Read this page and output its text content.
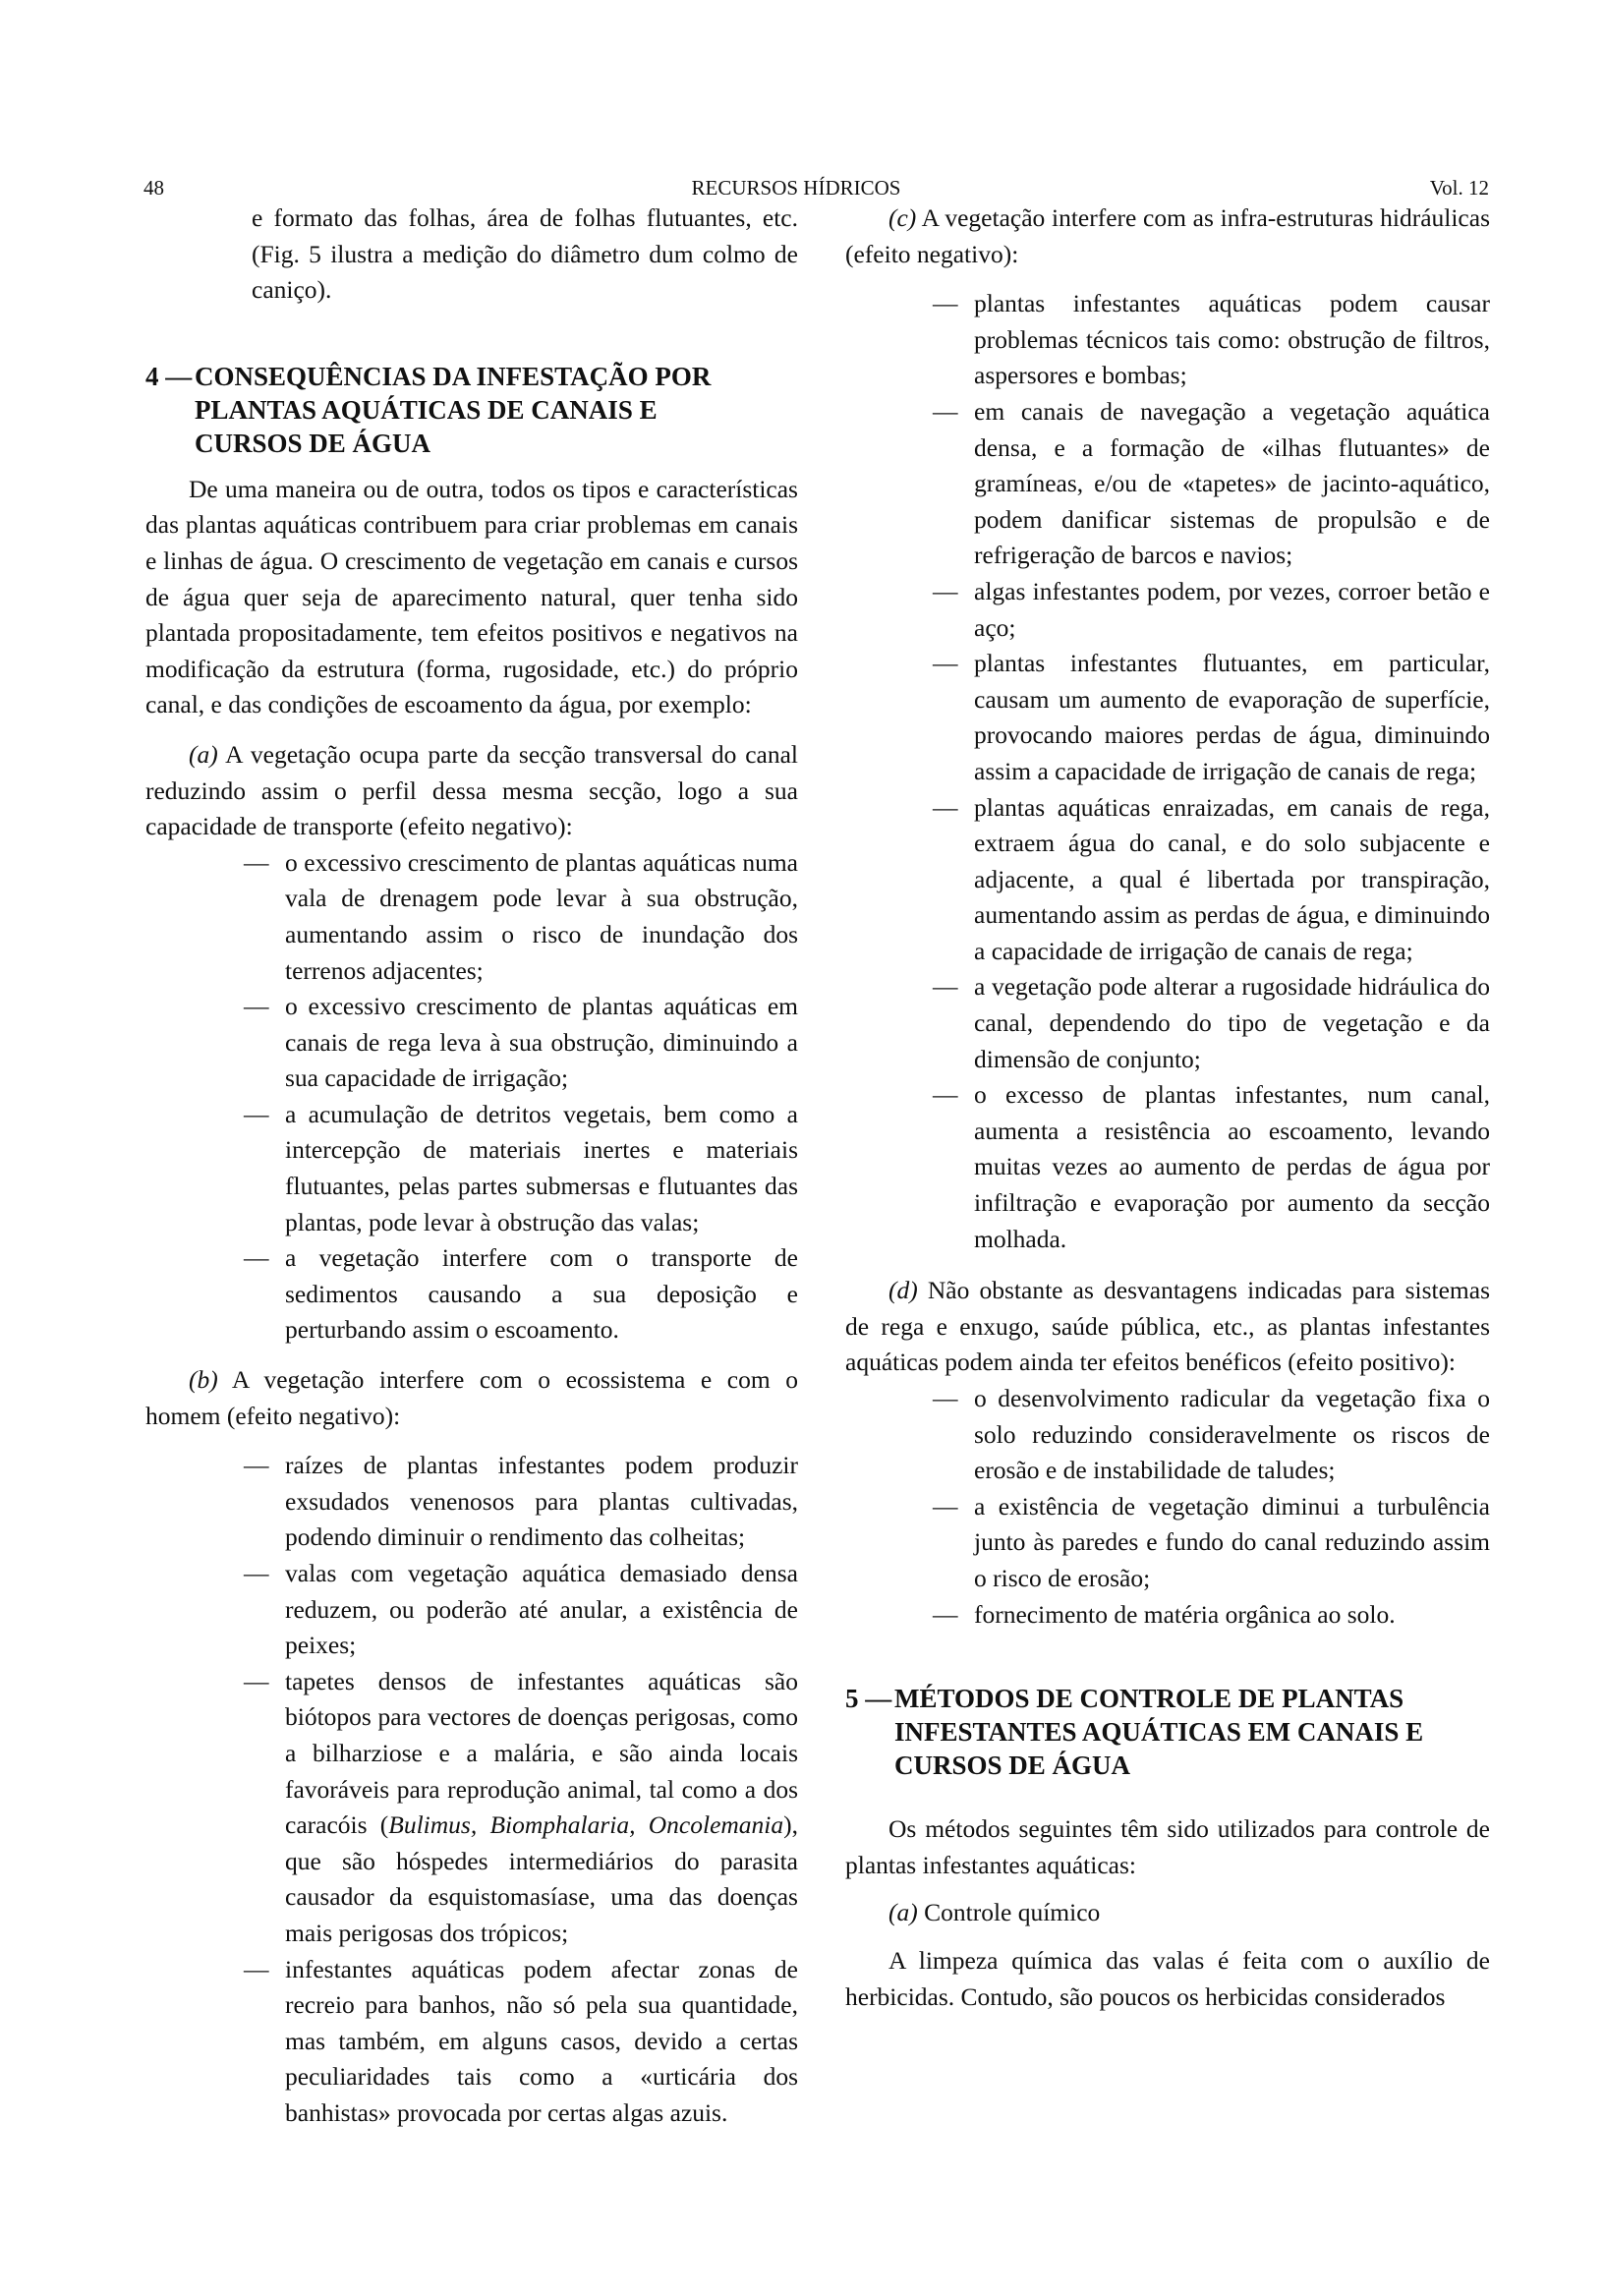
48	RECURSOS HÍDRICOS	Vol. 12

e formato das folhas, área de folhas flutuantes, etc. (Fig. 5 ilustra a medição do diâmetro dum colmo de caniço).

4 — CONSEQUÊNCIAS DA INFESTAÇÃO POR PLANTAS AQUÁTICAS DE CANAIS E CURSOS DE ÁGUA

De uma maneira ou de outra, todos os tipos e características das plantas aquáticas contribuem para criar problemas em canais e linhas de água. O crescimento de vegetação em canais e cursos de água quer seja de aparecimento natural, quer tenha sido plantada propositadamente, tem efeitos positivos e negativos na modificação da estrutura (forma, rugosidade, etc.) do próprio canal, e das condições de escoamento da água, por exemplo:

(a) A vegetação ocupa parte da secção transversal do canal reduzindo assim o perfil dessa mesma secção, logo a sua capacidade de transporte (efeito negativo):

— o excessivo crescimento de plantas aquáticas numa vala de drenagem pode levar à sua obstrução, aumentando assim o risco de inundação dos terrenos adjacentes;
— o excessivo crescimento de plantas aquáticas em canais de rega leva à sua obstrução, diminuindo a sua capacidade de irrigação;
— a acumulação de detritos vegetais, bem como a intercepção de materiais inertes e materiais flutuantes, pelas partes submersas e flutuantes das plantas, pode levar à obstrução das valas;
— a vegetação interfere com o transporte de sedimentos causando a sua deposição e perturbando assim o escoamento.

(b) A vegetação interfere com o ecossistema e com o homem (efeito negativo):

— raízes de plantas infestantes podem produzir exsudados venenosos para plantas cultivadas, podendo diminuir o rendimento das colheitas;
— valas com vegetação aquática demasiado densa reduzem, ou poderão até anular, a existência de peixes;
— tapetes densos de infestantes aquáticas são biótopos para vectores de doenças perigosas, como a bilharziose e a malária, e são ainda locais favoráveis para reprodução animal, tal como a dos caracóis (Bulimus, Biomphalaria, Oncolemania), que são hóspedes intermediários do parasita causador da esquistomasíase, uma das doenças mais perigosas dos trópicos;
— infestantes aquáticas podem afectar zonas de recreio para banhos, não só pela sua quantidade, mas também, em alguns casos, devido a certas peculiaridades tais como a «urticária dos banhistas» provocada por certas algas azuis.

(c) A vegetação interfere com as infra-estruturas hidráulicas (efeito negativo):

— plantas infestantes aquáticas podem causar problemas técnicos tais como: obstrução de filtros, aspersores e bombas;
— em canais de navegação a vegetação aquática densa, e a formação de «ilhas flutuantes» de gramíneas, e/ou de «tapetes» de jacinto-aquático, podem danificar sistemas de propulsão e de refrigeração de barcos e navios;
— algas infestantes podem, por vezes, corroer betão e aço;
— plantas infestantes flutuantes, em particular, causam um aumento de evaporação de superfície, provocando maiores perdas de água, diminuindo assim a capacidade de irrigação de canais de rega;
— plantas aquáticas enraizadas, em canais de rega, extraem água do canal, e do solo subjacente e adjacente, a qual é libertada por transpiração, aumentando assim as perdas de água, e diminuindo a capacidade de irrigação de canais de rega;
— a vegetação pode alterar a rugosidade hidráulica do canal, dependendo do tipo de vegetação e da dimensão de conjunto;
— o excesso de plantas infestantes, num canal, aumenta a resistência ao escoamento, levando muitas vezes ao aumento de perdas de água por infiltração e evaporação por aumento da secção molhada.

(d) Não obstante as desvantagens indicadas para sistemas de rega e enxugo, saúde pública, etc., as plantas infestantes aquáticas podem ainda ter efeitos benéficos (efeito positivo):

— o desenvolvimento radicular da vegetação fixa o solo reduzindo consideravelmente os riscos de erosão e de instabilidade de taludes;
— a existência de vegetação diminui a turbulência junto às paredes e fundo do canal reduzindo assim o risco de erosão;
— fornecimento de matéria orgânica ao solo.
5 — MÉTODOS DE CONTROLE DE PLANTAS INFESTANTES AQUÁTICAS EM CANAIS E CURSOS DE ÁGUA

Os métodos seguintes têm sido utilizados para controle de plantas infestantes aquáticas:

(a) Controle químico

A limpeza química das valas é feita com o auxílio de herbicidas. Contudo, são poucos os herbicidas considerados
